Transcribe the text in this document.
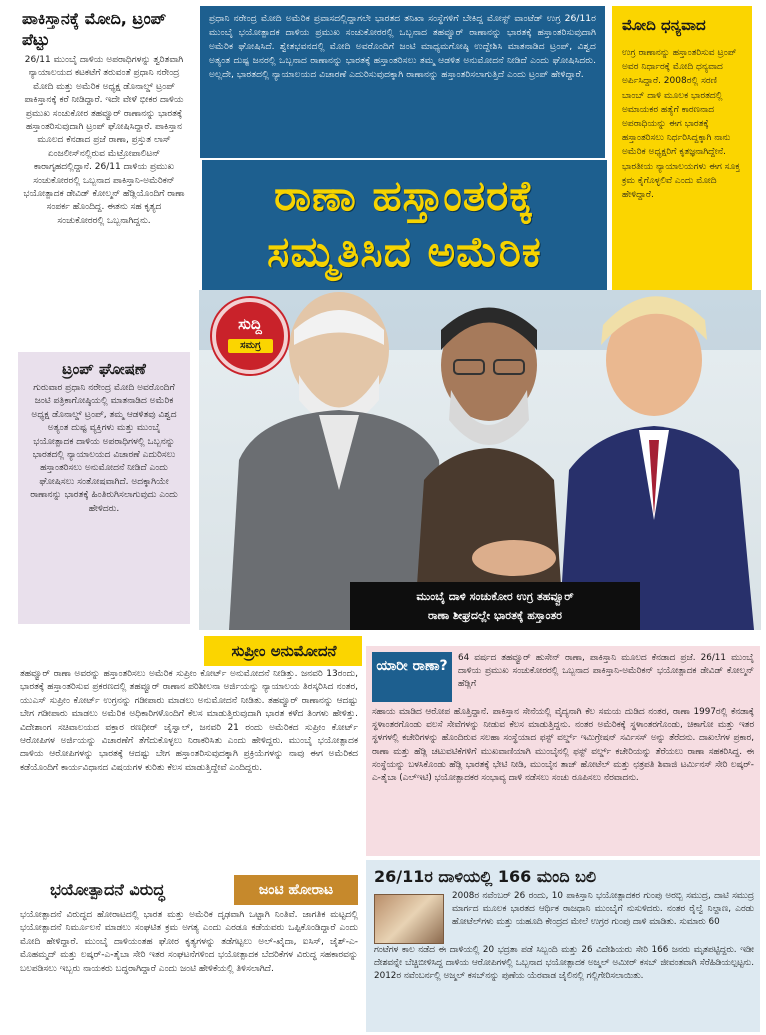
ಪಾಕಿಸ್ತಾನಕ್ಕೆ ಮೋದಿ, ಟ್ರಂಪ್ ಪೆಟ್ಟು
26/11 ಮುಂಬೈ ದಾಳಿಯ ಅಪರಾಧಿಗಳನ್ನು ತ್ವರಿತವಾಗಿ ನ್ಯಾಯಾಲಯದ ಕಟಕಟೆಗೆ ತರುವಂತೆ ಪ್ರಧಾನಿ ನರೇಂದ್ರ ಮೋದಿ ಮತ್ತು ಅಮೆರಿಕ ಅಧ್ಯಕ್ಷ ಡೊನಾಲ್ಡ್ ಟ್ರಂಪ್ ಪಾಕಿಸ್ತಾನಕ್ಕೆ ಕರೆ ನೀಡಿದ್ದಾರೆ. ಇದೇ ವೇಳೆ ಭೀಕರ ದಾಳಿಯ ಪ್ರಮುಖ ಸಂಚುಕೋರ ತಹವ್ವೂರ್ ರಾಣಾನನ್ನು ಭಾರತಕ್ಕೆ ಹಸ್ತಾಂತರಿಸುವುದಾಗಿ ಟ್ರಂಪ್ ಘೋಷಿಸಿದ್ದಾರೆ. ಪಾಕಿಸ್ತಾನ ಮೂಲದ ಕೆನಡಾದ ಪ್ರಜೆ ರಾಣಾ, ಪ್ರಸ್ತುತ ಲಾಸ್ ಏಂಜಲೀಸ್‌ನಲ್ಲಿರುವ ಮೆಟ್ರೋಪಾಲಿಟನ್ ಕಾರಾಗೃಹದಲ್ಲಿದ್ದಾನೆ. 26/11 ದಾಳಿಯ ಪ್ರಮುಖ ಸಂಚುಕೋರರಲ್ಲಿ ಒಬ್ಬನಾದ ಪಾಕಿಸ್ತಾನಿ-ಅಮೆರಿಕನ್ ಭಯೋತ್ಪಾದಕ ಡೇವಿಡ್ ಕೋಲ್ಮನ್ ಹೆಡ್ಲಿಯೊಂದಿಗೆ ರಾಣಾ ಸಂಪರ್ಕ ಹೊಂದಿದ್ದ. ಈತನು ಸಹ ಕೃತ್ಯದ ಸಂಚುಕೋರರಲ್ಲಿ ಒಬ್ಬನಾಗಿದ್ದನು.
ಟ್ರಂಪ್ ಘೋಷಣೆ
ಗುರುವಾರ ಪ್ರಧಾನಿ ನರೇಂದ್ರ ಮೋದಿ ಅವರೊಂದಿಗೆ ಜಂಟಿ ಪತ್ರಿಕಾಗೋಷ್ಠಿಯಲ್ಲಿ ಮಾತನಾಡಿದ ಅಮೆರಿಕ ಅಧ್ಯಕ್ಷ ಡೊನಾಲ್ಡ್ ಟ್ರಂಪ್, ತಮ್ಮ ಆಡಳಿತವು ವಿಶ್ವದ ಅತ್ಯಂತ ದುಷ್ಟ ವ್ಯಕ್ತಿಗಳು ಮತ್ತು ಮುಂಬೈ ಭಯೋತ್ಪಾದಕ ದಾಳಿಯ ಅಪರಾಧಿಗಳಲ್ಲಿ ಒಬ್ಬನನ್ನು ಭಾರತದಲ್ಲಿ ನ್ಯಾಯಾಲಯದ ವಿಚಾರಣೆ ಎದುರಿಸಲು ಹಸ್ತಾಂತರಿಸಲು ಅನುಮೋದನೆ ನೀಡಿದೆ ಎಂದು ಘೋಷಿಸಲು ಸಂತೋಷವಾಗಿದೆ. ಅದಕ್ಕಾಗಿಯೇ ರಾಣಾನನ್ನು ಭಾರತಕ್ಕೆ ಹಿಂತಿರುಗಿಸಲಾಗುವುದು ಎಂದು ಹೇಳಿದರು.
ಪ್ರಧಾನಿ ನರೇಂದ್ರ ಮೋದಿ ಅಮೆರಿಕ ಪ್ರವಾಸದಲ್ಲಿದ್ದಾಗಲೇ ಭಾರತದ ತನಿಖಾ ಸಂಸ್ಥೆಗಳಿಗೆ ಬೇಕಿದ್ದ ಮೋಸ್ಟ್ ವಾಂಟೆಡ್ ಉಗ್ರ 26/11ರ ಮುಂಬೈ ಭಯೋತ್ಪಾದಕ ದಾಳಿಯ ಪ್ರಮುಖ ಸಂಚುಕೋರರಲ್ಲಿ ಒಬ್ಬನಾದ ತಹವ್ವೂರ್ ರಾಣಾನನ್ನು ಭಾರತಕ್ಕೆ ಹಸ್ತಾಂತರಿಸುವುದಾಗಿ ಅಮೆರಿಕ ಘೋಷಿಸಿದೆ. ಶ್ವೇತಭವನದಲ್ಲಿ ಮೋದಿ ಅವರೊಂದಿಗೆ ಜಂಟಿ ಮಾಧ್ಯಮಗೋಷ್ಠಿ ಉದ್ದೇಶಿಸಿ ಮಾತನಾಡಿದ ಟ್ರಂಪ್, ವಿಶ್ವದ ಅತ್ಯಂತ ದುಷ್ಟ ಜನರಲ್ಲಿ ಒಬ್ಬನಾದ ರಾಣಾನನ್ನು ಭಾರತಕ್ಕೆ ಹಸ್ತಾಂತರಿಸಲು ತಮ್ಮ ಆಡಳಿತ ಅನುಮೋದನೆ ನೀಡಿದೆ ಎಂದು ಘೋಷಿಸಿದರು. ಅಲ್ಲದೇ, ಭಾರತದಲ್ಲಿ ನ್ಯಾಯಾಲಯದ ವಿಚಾರಣೆ ಎದುರಿಸುವುದಕ್ಕಾಗಿ ರಾಣಾನನ್ನು ಹಸ್ತಾಂತರಿಸಲಾಗುತ್ತಿದೆ ಎಂದು ಟ್ರಂಪ್ ಹೇಳಿದ್ದಾರೆ.
ಮೋದಿ ಧನ್ಯವಾದ
ಉಗ್ರ ರಾಣಾನನ್ನು ಹಸ್ತಾಂತರಿಸುವ ಟ್ರಂಪ್ ಅವರ ನಿರ್ಧಾರಕ್ಕೆ ಮೋದಿ ಧನ್ಯವಾದ ಅರ್ಪಿಸಿದ್ದಾರೆ. 2008ರಲ್ಲಿ ಸರಣಿ ಬಾಂಬ್ ದಾಳಿ ಮೂಲಕ ಭಾರತದಲ್ಲಿ ಅಮಾಯಕರ ಹತ್ಯೆಗೆ ಕಾರಣನಾದ ಅಪರಾಧಿಯನ್ನು ಈಗ ಭಾರತಕ್ಕೆ ಹಸ್ತಾಂತರಿಸಲು ನಿರ್ಧರಿಸಿದ್ದಕ್ಕಾಗಿ ನಾನು ಅಮೆರಿಕ ಅಧ್ಯಕ್ಷರಿಗೆ ಕೃತಜ್ಞನಾಗಿದ್ದೇನೆ. ಭಾರತೀಯ ನ್ಯಾಯಾಲಯಗಳು ಈಗ ಸೂಕ್ತ ಕ್ರಮ ಕೈಗೊಳ್ಳಲಿವೆ ಎಂದು ಮೋದಿ ಹೇಳಿದ್ದಾರೆ.
ರಾಣಾ ಹಸ್ತಾಂತರಕ್ಕೆ
ಸಮ್ಮತಿಸಿದ ಅಮೆರಿಕ
ಸುದ್ದಿ
ಸಮಗ್ರ
ಮುಂಬೈ ದಾಳಿ ಸಂಚುಕೋರ ಉಗ್ರ ತಹವ್ವೂರ್
ರಾಣಾ ಶೀಘ್ರದಲ್ಲೇ ಭಾರತಕ್ಕೆ ಹಸ್ತಾಂತರ
ಸುಪ್ರೀಂ ಅನುಮೋದನೆ
ತಹವ್ವೂರ್ ರಾಣಾ ಅವರನ್ನು ಹಸ್ತಾಂತರಿಸಲು ಅಮೆರಿಕ ಸುಪ್ರೀಂ ಕೋರ್ಟ್ ಅನುಮೋದನೆ ನೀಡಿತ್ತು. ಜನವರಿ 13ರಂದು, ಭಾರತಕ್ಕೆ ಹಸ್ತಾಂತರಿಸುವ ಪ್ರಕರಣದಲ್ಲಿ ತಹವ್ವೂರ್ ರಾಣಾನ ಪರಿಶೀಲನಾ ಅರ್ಜಿಯನ್ನು ನ್ಯಾಯಾಲಯ ತಿರಸ್ಕರಿಸಿದ ನಂತರ, ಯುಎಸ್ ಸುಪ್ರೀಂ ಕೋರ್ಟ್ ಉಗ್ರನನ್ನು ಗಡೀಪಾರು ಮಾಡಲು ಅನುಮೋದನೆ ನೀಡಿತು. ತಹವ್ವೂರ್ ರಾಣಾನನ್ನು ಆದಷ್ಟು ಬೇಗ ಗಡೀಪಾರು ಮಾಡಲು ಅಮೆರಿಕ ಅಧಿಕಾರಿಗಳೊಂದಿಗೆ ಕೆಲಸ ಮಾಡುತ್ತಿರುವುದಾಗಿ ಭಾರತ ಕಳೆದ ತಿಂಗಳು ಹೇಳಿತ್ತು. ವಿದೇಶಾಂಗ ಸಚಿವಾಲಯದ ವಕ್ತಾರ ರಣಧೀರ್ ಜೈಸ್ವಾಲ್, ಜನವರಿ 21 ರಂದು ಅಮೆರಿಕದ ಸುಪ್ರೀಂ ಕೋರ್ಟ್ ಆರೋಪಿಗಳ ಅರ್ಜಿಯನ್ನು ವಿಚಾರಣೆಗೆ ತೆಗೆದುಕೊಳ್ಳಲು ನಿರಾಕರಿಸಿತು ಎಂದು ಹೇಳಿದ್ದರು. ಮುಂಬೈ ಭಯೋತ್ಪಾದಕ ದಾಳಿಯ ಆರೋಪಿಗಳನ್ನು ಭಾರತಕ್ಕೆ ಆದಷ್ಟು ಬೇಗ ಹಸ್ತಾಂತರಿಸುವುದಕ್ಕಾಗಿ ಪ್ರಕ್ರಿಯೆಗಳನ್ನು ನಾವು ಈಗ ಅಮೆರಿಕದ ಕಡೆಯೊಂದಿಗೆ ಕಾರ್ಯವಿಧಾನದ ವಿಷಯಗಳ ಕುರಿತು ಕೆಲಸ ಮಾಡುತ್ತಿದ್ದೇವೆ ಎಂದಿದ್ದರು.
ಭಯೋತ್ಪಾದನೆ ವಿರುದ್ಧ	ಜಂಟಿ ಹೋರಾಟ
ಭಯೋತ್ಪಾದನೆ ವಿರುದ್ಧದ ಹೋರಾಟದಲ್ಲಿ ಭಾರತ ಮತ್ತು ಅಮೆರಿಕ ದೃಢವಾಗಿ ಒಟ್ಟಾಗಿ ನಿಂತಿವೆ. ಜಾಗತಿಕ ಮಟ್ಟದಲ್ಲಿ ಭಯೋತ್ಪಾದನೆ ನಿರ್ಮೂಲನೆ ಮಾಡಲು ಸಂಘಟಿತ ಕ್ರಮ ಅಗತ್ಯ ಎಂದು ಎರಡೂ ಕಡೆಯವರು ಒಪ್ಪಿಕೊಂಡಿದ್ದಾರೆ ಎಂದು ಮೋದಿ ಹೇಳಿದ್ದಾರೆ. ಮುಂಬೈ ದಾಳಿಯಂತಹ ಘೋರ ಕೃತ್ಯಗಳನ್ನು ತಡೆಗಟ್ಟಲು ಅಲ್-ಖೈದಾ, ಐಸಿಸ್, ಜೈಶ್-ಎ-ಮೊಹಮ್ಮದ್ ಮತ್ತು ಲಷ್ಕರ್-ಎ-ತೈಬಾ ಸೇರಿ ಇತರ ಸಂಘಟನೆಗಳಿಂದ ಭಯೋತ್ಪಾದಕ ಬೆದರಿಕೆಗಳ ವಿರುದ್ಧ ಸಹಕಾರವನ್ನು ಬಲಪಡಿಸಲು ಇಬ್ಬರು ನಾಯಕರು ಬದ್ಧರಾಗಿದ್ದಾರೆ ಎಂದು ಜಂಟಿ ಹೇಳಿಕೆಯಲ್ಲಿ ತಿಳಿಸಲಾಗಿದೆ.
ಯಾರೀ ರಾಣಾ?	64 ವರ್ಷದ ತಹವ್ವೂರ್ ಹುಸೇನ್ ರಾಣಾ, ಪಾಕಿಸ್ತಾನಿ ಮೂಲದ ಕೆನಡಾದ ಪ್ರಜೆ. 26/11 ಮುಂಬೈ ದಾಳಿಯ ಪ್ರಮುಖ ಸಂಚುಕೋರರಲ್ಲಿ ಒಬ್ಬನಾದ ಪಾಕಿಸ್ತಾನಿ-ಅಮೆರಿಕನ್ ಭಯೋತ್ಪಾದಕ ಡೇವಿಡ್ ಕೋಲ್ಮನ್ ಹೆಡ್ಲಿಗೆ
ಸಹಾಯ ಮಾಡಿದ ಆರೋಪ ಹೊತ್ತಿದ್ದಾನೆ. ಪಾಕಿಸ್ತಾನ ಸೇನೆಯಲ್ಲಿ ವೈದ್ಯನಾಗಿ ಕೆಲ ಸಮಯ ದುಡಿದ ನಂತರ, ರಾಣಾ 1997ರಲ್ಲಿ ಕೆನಡಾಕ್ಕೆ ಸ್ಥಳಾಂತರಗೊಂಡು ವಲಸೆ ಸೇವೆಗಳನ್ನು ನೀಡುವ ಕೆಲಸ ಮಾಡುತ್ತಿದ್ದನು. ನಂತರ ಅಮೆರಿಕಕ್ಕೆ ಸ್ಥಳಾಂತರಗೊಂಡು, ಚಿಕಾಗೋ ಮತ್ತು ಇತರ ಸ್ಥಳಗಳಲ್ಲಿ ಕಚೇರಿಗಳನ್ನು ಹೊಂದಿರುವ ಸಲಹಾ ಸಂಸ್ಥೆಯಾದ ಫಸ್ಟ್ ವರ್ಲ್ಡ್ ಇಮಿಗ್ರೇಷನ್ ಸರ್ವಿಸಸ್ ಅನ್ನು ತೆರೆದನು. ದಾಖಲೆಗಳ ಪ್ರಕಾರ, ರಾಣಾ ಮತ್ತು ಹೆಡ್ಲಿ ಚಟುವಟಿಕೆಗಳಿಗೆ ಮುಖವಾಣಿಯಾಗಿ ಮುಂಬೈನಲ್ಲಿ ಫಸ್ಟ್ ವರ್ಲ್ಡ್ ಕಚೇರಿಯನ್ನು ತೆರೆಯಲು ರಾಣಾ ಸಹಕರಿಸಿದ್ದ. ಈ ಸಂಸ್ಥೆಯನ್ನು ಬಳಸಿಕೊಂಡು ಹೆಡ್ಲಿ ಭಾರತಕ್ಕೆ ಭೇಟಿ ನೀಡಿ, ಮುಂಬೈನ ತಾಜ್ ಹೋಟೆಲ್ ಮತ್ತು ಛತ್ರಪತಿ ಶಿವಾಜಿ ಟರ್ಮಿನಸ್ ಸೇರಿ ಲಷ್ಕರ್-ಎ-ತೈಬಾ (ಎಲ್‌ಇಟಿ) ಭಯೋತ್ಪಾದಕರ ಸಂಭಾವ್ಯ ದಾಳಿ ನಡೆಸಲು ಸಂಚು ರೂಪಿಸಲು ನೆರವಾದನು.
26/11ರ ದಾಳಿಯಲ್ಲಿ 166 ಮಂದಿ ಬಲಿ
2008ರ ನವೆಂಬರ್ 26 ರಂದು, 10 ಪಾಕಿಸ್ತಾನಿ ಭಯೋತ್ಪಾದಕರ ಗುಂಪು ಅರಬ್ಬಿ ಸಮುದ್ರ, ದಾಟಿ ಸಮುದ್ರ ಮಾರ್ಗದ ಮೂಲಕ ಭಾರತದ ಆರ್ಥಿಕ ರಾಜಧಾನಿ ಮುಂಬೈಗೆ ನುಸುಳಿದರು. ನಂತರ ರೈಲ್ವೆ ನಿಲ್ದಾಣ, ಎರಡು ಹೋಟೆಲ್‌ಗಳು ಮತ್ತು ಯಹೂದಿ ಕೇಂದ್ರದ ಮೇಲೆ ಉಗ್ರರ ಗುಂಪು ದಾಳಿ ಮಾಡಿತು. ಸುಮಾರು 60
ಗಂಟೆಗಳ ಕಾಲ ನಡೆದ ಈ ದಾಳಿಯಲ್ಲಿ 20 ಭದ್ರತಾ ಪಡೆ ಸಿಬ್ಬಂದಿ ಮತ್ತು 26 ವಿದೇಶಿಯರು ಸೇರಿ 166 ಜನರು ಮೃತಪಟ್ಟಿದ್ದರು. ಇಡೀ ದೇಶವನ್ನೇ ಬೆಚ್ಚಿಬೀಳಿಸಿದ್ದ ದಾಳಿಯ ಆರೋಪಿಗಳಲ್ಲಿ ಒಬ್ಬನಾದ ಭಯೋತ್ಪಾದಕ ಅಜ್ಮಲ್ ಅಮೀರ್ ಕಸಬ್ ಜೀವಂತವಾಗಿ ಸೆರೆಹಿಡಿಯಲ್ಪಟ್ಟನು. 2012ರ ನವೆಂಬರ್ನಲ್ಲಿ ಅಜ್ಮಲ್ ಕಸಬ್‌ನನ್ನು ಪುಣೆಯ ಯೆರವಾಡ ಜೈಲಿನಲ್ಲಿ ಗಲ್ಲಿಗೇರಿಸಲಾಯಿತು.
